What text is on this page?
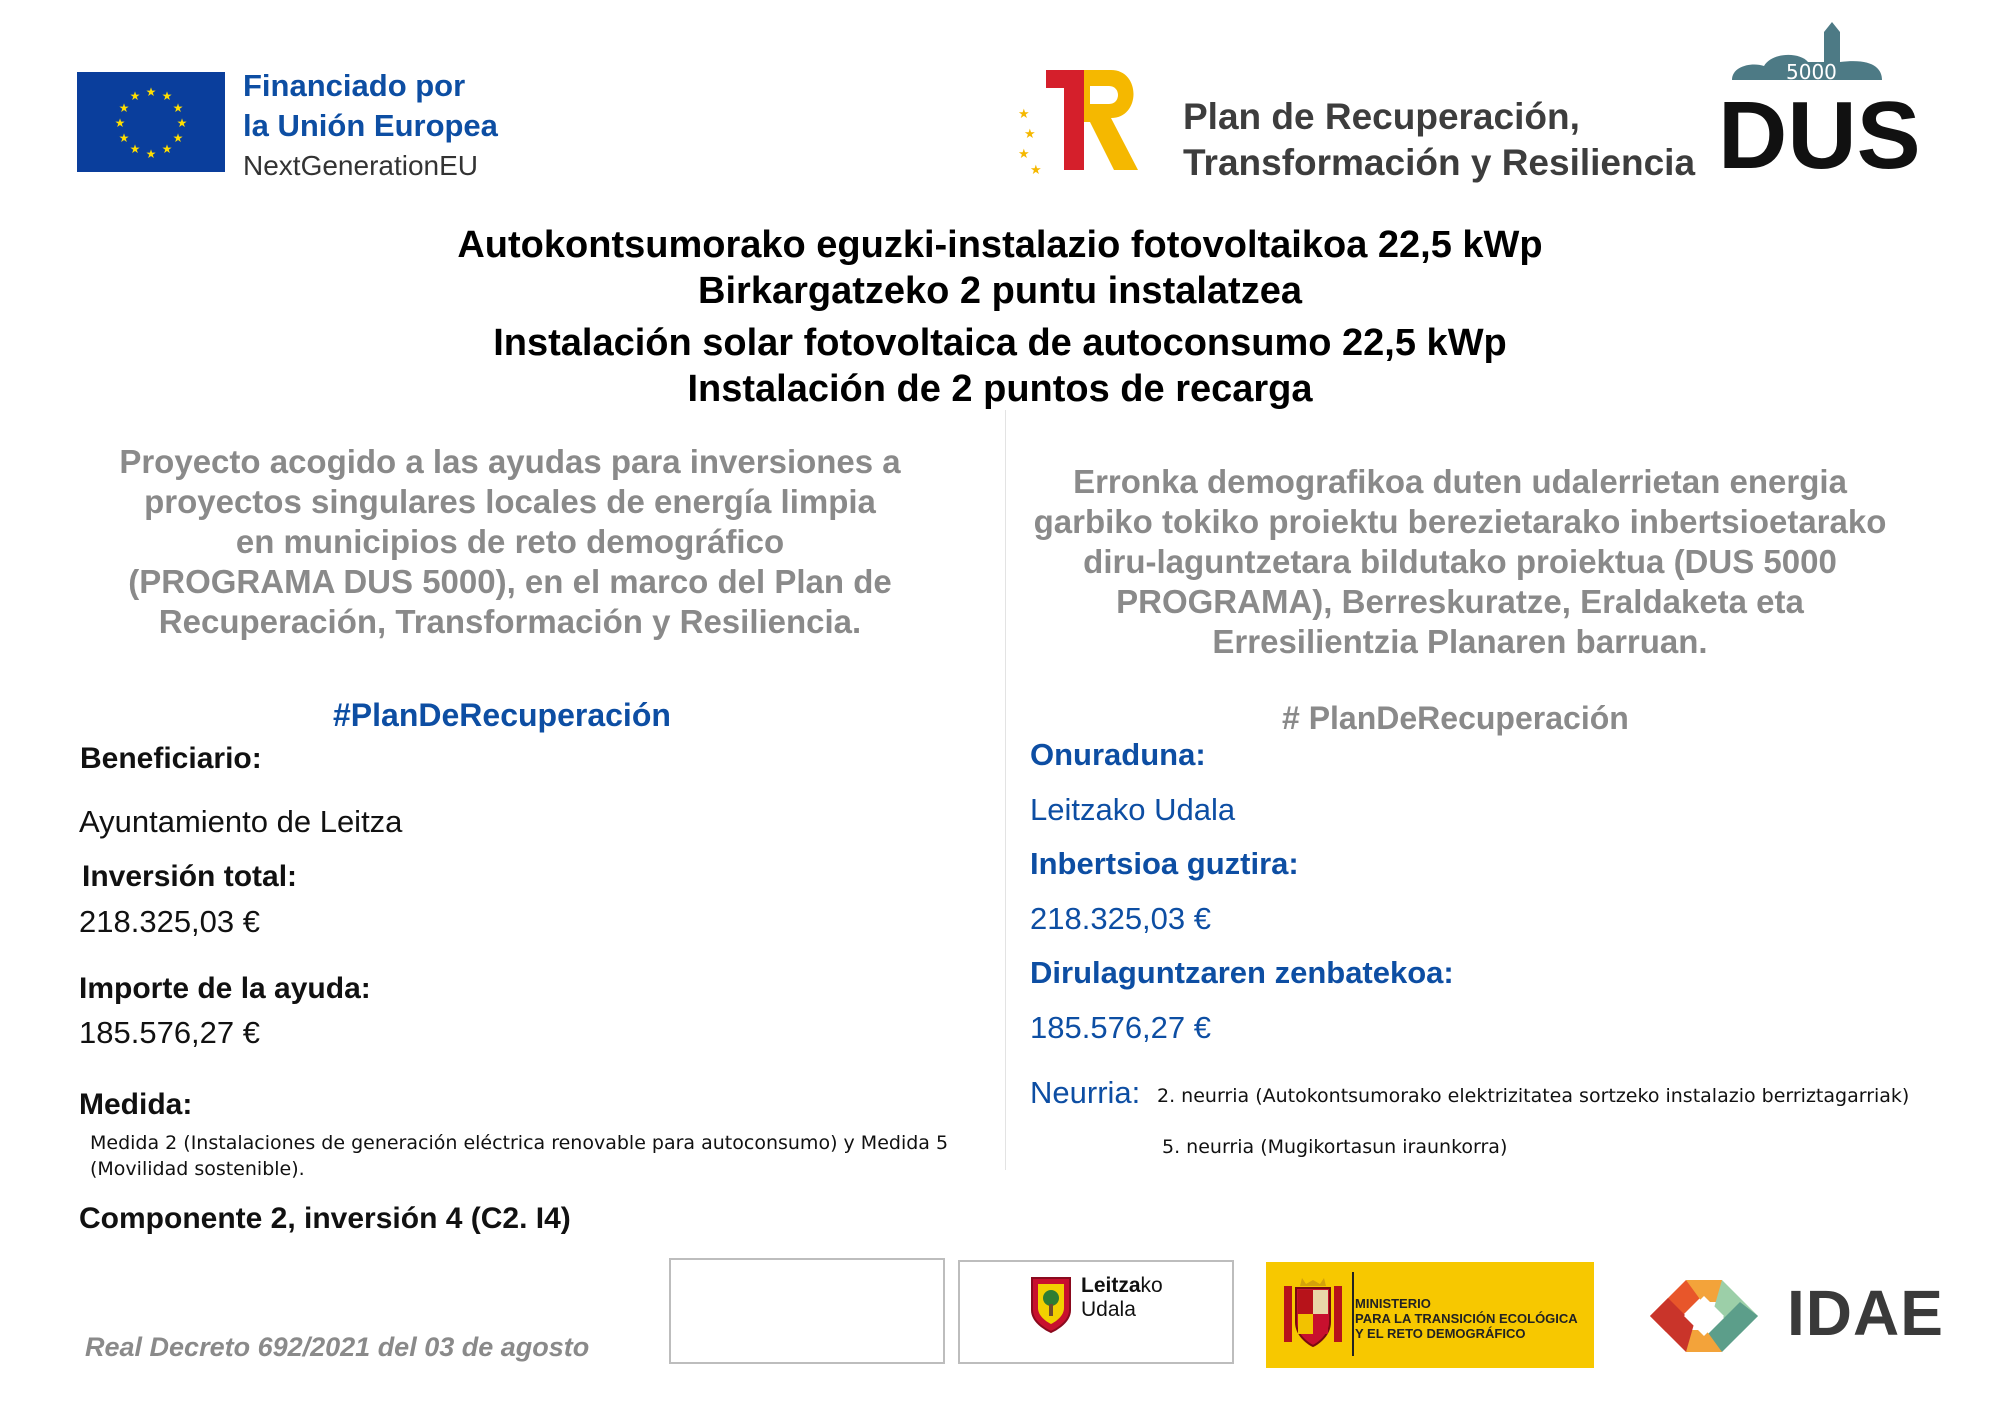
★ ★
★
★
★
★
★
★
★
★
★
★	Financiado por
la Unión Europea
NextGenerationEU
★
★
★
★
Plan de Recuperación,
Transformación y Resiliencia
5000
DUS
Autokontsumorako eguzki-instalazio fotovoltaikoa 22,5 kWp
Birkargatzeko 2 puntu instalatzea
Instalación solar fotovoltaica de autoconsumo 22,5 kWp
Instalación de 2 puntos de recarga
Proyecto acogido a las ayudas para inversiones a
proyectos singulares locales de energía limpia
en municipios de reto demográfico
(PROGRAMA DUS 5000), en el marco del Plan de
Recuperación, Transformación y Resiliencia.
#PlanDeRecuperación
Beneficiario:
Ayuntamiento de Leitza
Inversión total:
218.325,03 €
Importe de la ayuda:
185.576,27 €
Medida:
Medida 2 (Instalaciones de generación eléctrica renovable para autoconsumo) y Medida 5
(Movilidad sostenible).
Componente 2, inversión 4 (C2. I4)
Erronka demografikoa duten udalerrietan energia
garbiko tokiko proiektu berezietarako inbertsioetarako
diru-laguntzetara bildutako proiektua (DUS 5000
PROGRAMA), Berreskuratze, Eraldaketa eta
Erresilientzia Planaren barruan.
# PlanDeRecuperación
Onuraduna:
Leitzako Udala
Inbertsioa guztira:
218.325,03 €
Dirulaguntzaren zenbatekoa:
185.576,27 €
Neurria: 2. neurria (Autokontsumorako elektrizitatea sortzeko instalazio berriztagarriak)
5. neurria (Mugikortasun iraunkorra)
Real Decreto 692/2021 del 03 de agosto
Leitzako
Udala	MINISTERIO
PARA LA TRANSICIÓN ECOLÓGICA
Y EL RETO DEMOGRÁFICO	IDAE
